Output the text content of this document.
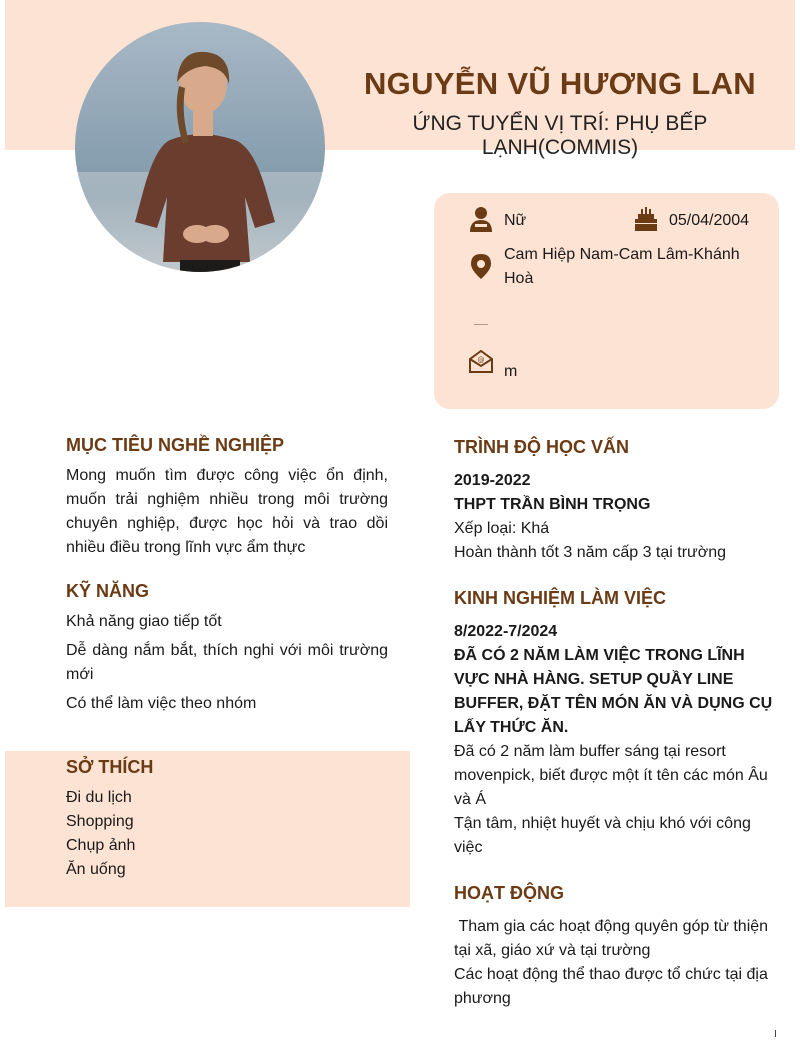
NGUYỄN VŨ HƯƠNG LAN
ỨNG TUYỂN VỊ TRÍ: PHỤ BẾP LẠNH(COMMIS)
Nữ	05/04/2004
Cam Hiệp Nam-Cam Lâm-Khánh Hoà
@
m
MỤC TIÊU NGHỀ NGHIỆP
Mong muốn tìm được công việc ổn định, muốn trải nghiệm nhiều trong môi trường chuyên nghiệp, được học hỏi và trao dồi nhiều điều trong lĩnh vực ẩm thực
KỸ NĂNG
Khả năng giao tiếp tốt
Dễ dàng nắm bắt, thích nghi với môi trường mới
Có thể làm việc theo nhóm
SỞ THÍCH
Đi du lịch
Shopping
Chụp ảnh
Ăn uống
TRÌNH ĐỘ HỌC VẤN
2019-2022
THPT TRẦN BÌNH TRỌNG
Xếp loại: Khá
Hoàn thành tốt 3 năm cấp 3 tại trường
KINH NGHIỆM LÀM VIỆC
8/2022-7/2024
ĐÃ CÓ 2 NĂM LÀM VIỆC TRONG LĨNH VỰC NHÀ HÀNG. SETUP QUẦY LINE BUFFER, ĐẶT TÊN MÓN ĂN VÀ DỤNG CỤ LẤY THỨC ĂN.
Đã có 2 năm làm buffer sáng tại resort movenpick, biết được một ít tên các món Âu và Á
Tận tâm, nhiệt huyết và chịu khó với công việc
HOẠT ĐỘNG
Tham gia các hoạt động quyên góp từ thiện tại xã, giáo xứ và tại trường
Các hoạt động thể thao được tổ chức tại địa phương
